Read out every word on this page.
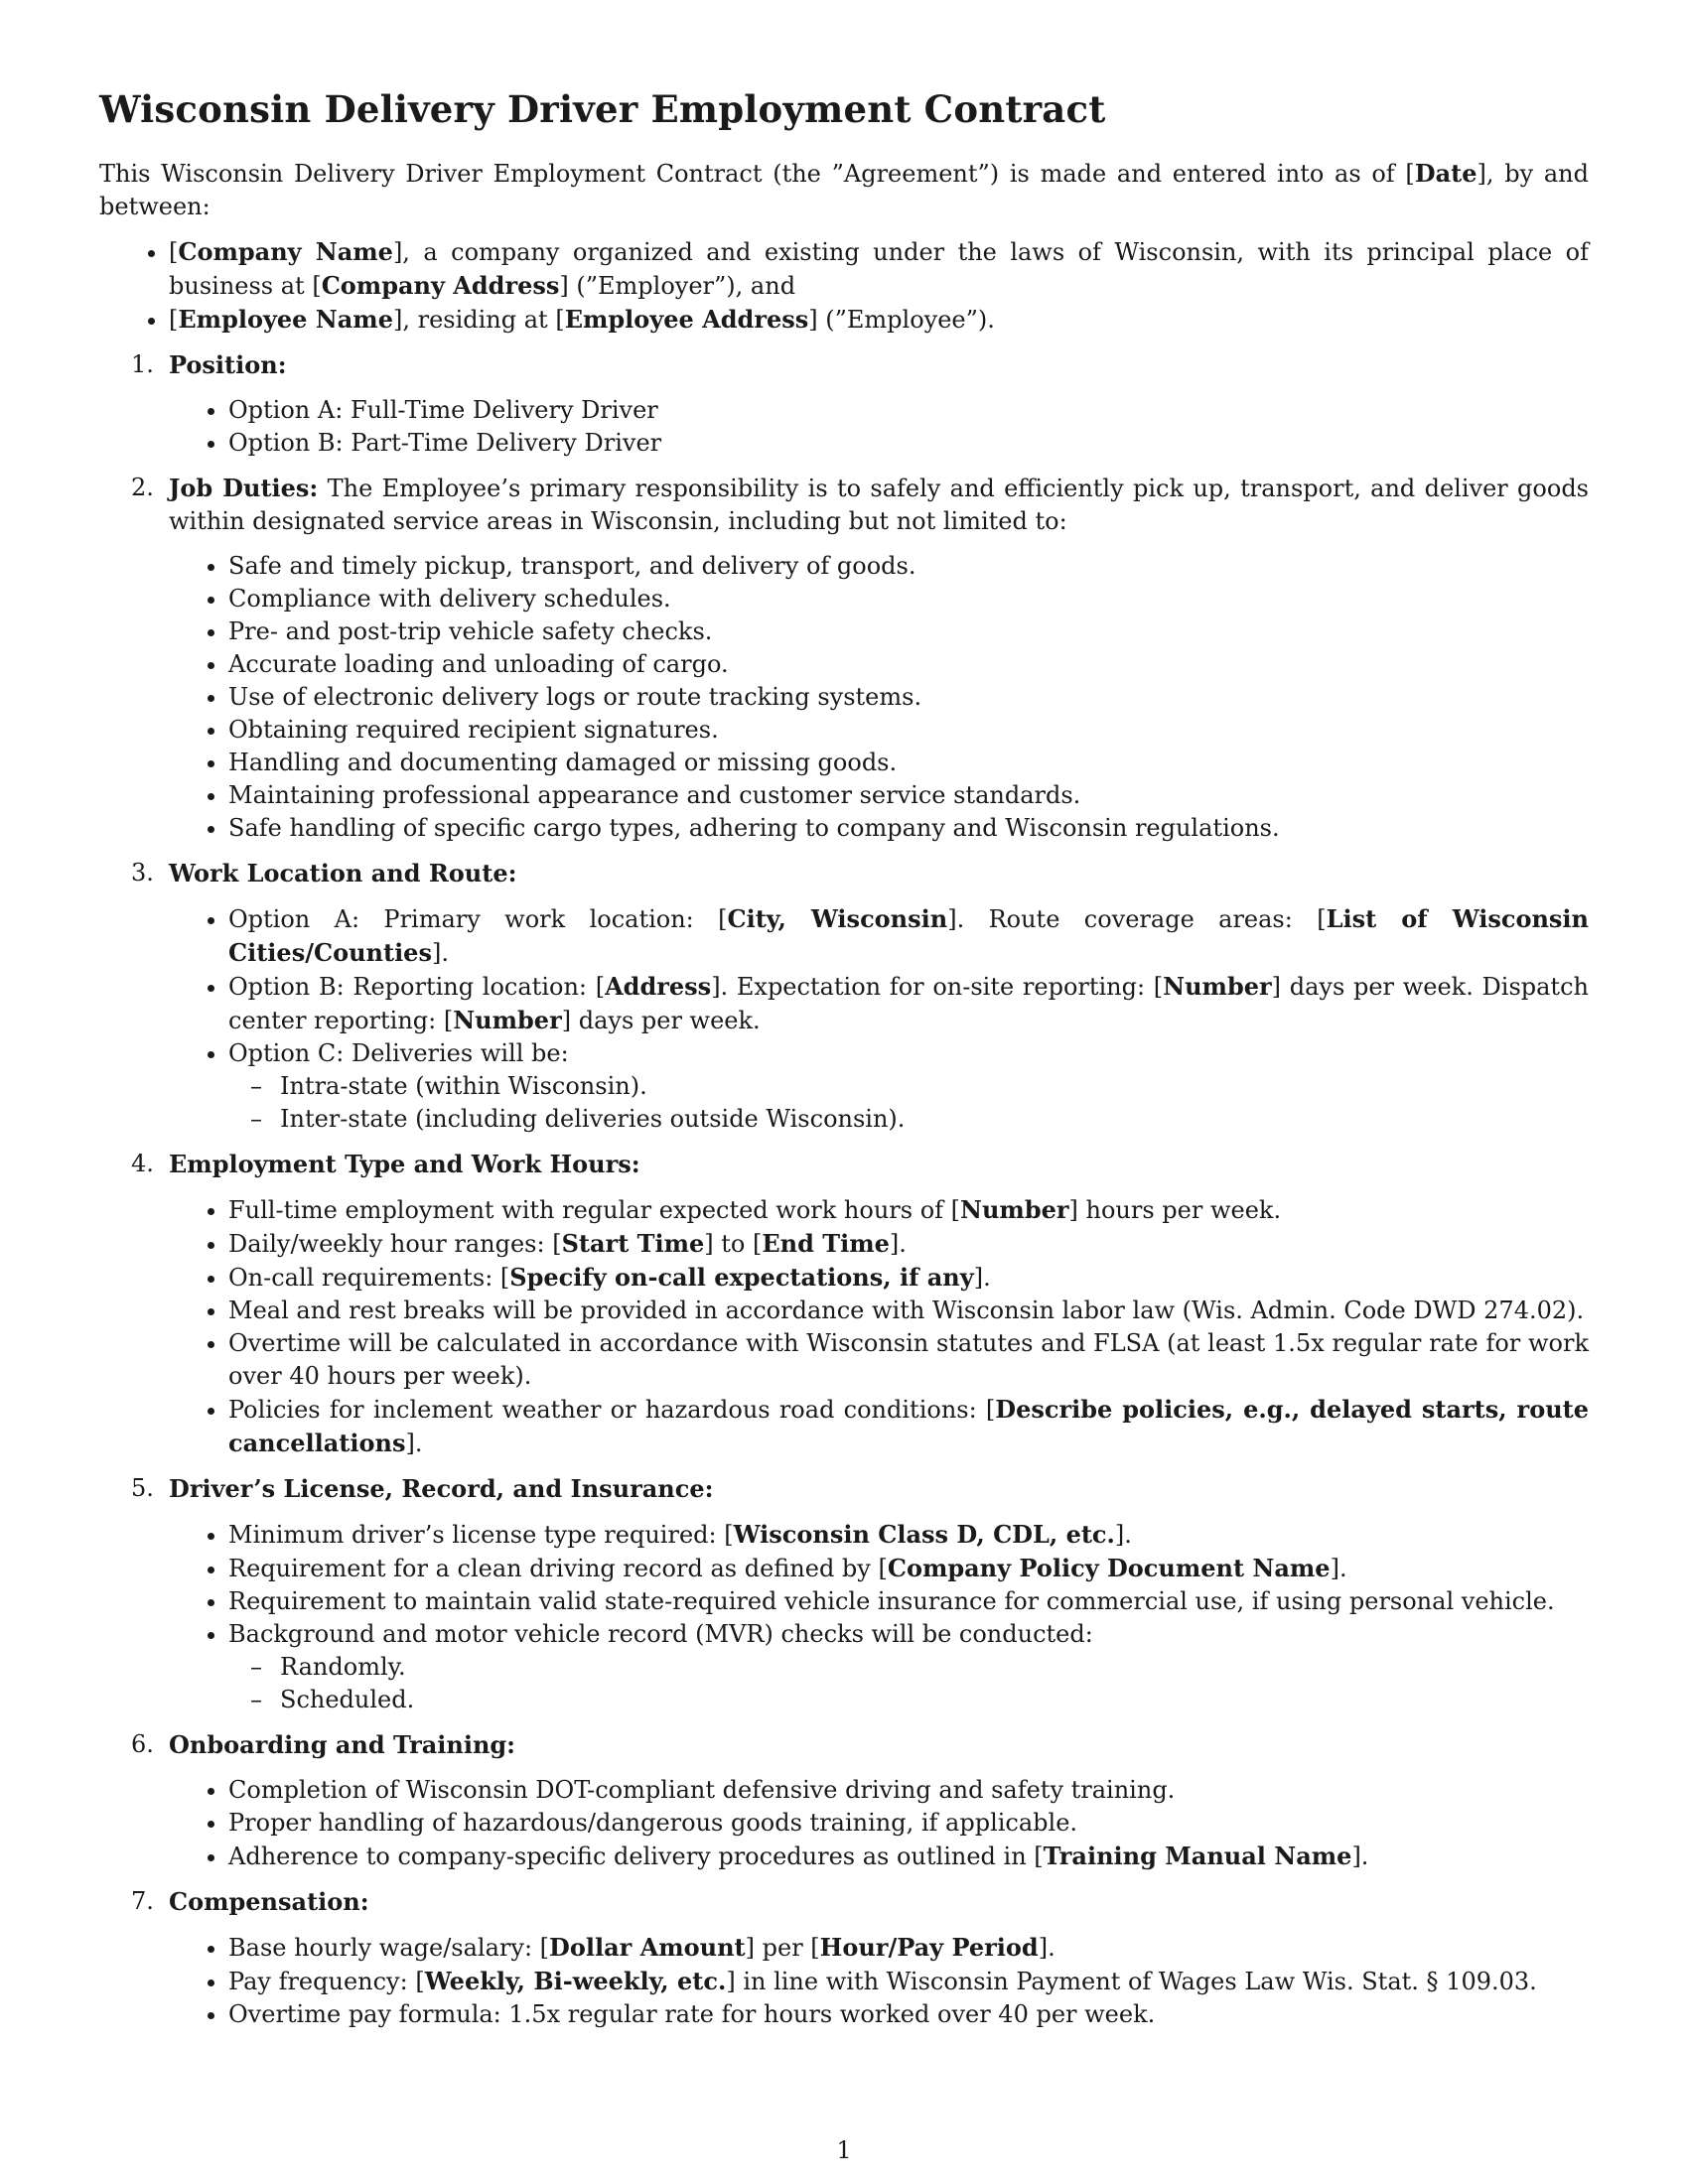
Wisconsin Delivery Driver Employment Contract

This Wisconsin Delivery Driver Employment Contract (the ”Agreement”) is made and entered into as of [Date], by and between:

• [Company Name], a company organized and existing under the laws of Wisconsin, with its principal place of business at [Company Address] (”Employer”), and
• [Employee Name], residing at [Employee Address] (”Employee”).
1. Position:
• Option A: Full-Time Delivery Driver
• Option B: Part-Time Delivery Driver
2. Job Duties: The Employee’s primary responsibility is to safely and efficiently pick up, transport, and deliver goods within designated service areas in Wisconsin, including but not limited to:
• Safe and timely pickup, transport, and delivery of goods.
• Compliance with delivery schedules.
• Pre- and post-trip vehicle safety checks.
• Accurate loading and unloading of cargo.
• Use of electronic delivery logs or route tracking systems.
• Obtaining required recipient signatures.
• Handling and documenting damaged or missing goods.
• Maintaining professional appearance and customer service standards.
• Safe handling of specific cargo types, adhering to company and Wisconsin regulations.
3. Work Location and Route:
• Option A: Primary work location: [City, Wisconsin]. Route coverage areas: [List of Wisconsin Cities/Counties].
• Option B: Reporting location: [Address]. Expectation for on-site reporting: [Number] days per week. Dispatch center reporting: [Number] days per week.
• Option C: Deliveries will be:
– Intra-state (within Wisconsin).
– Inter-state (including deliveries outside Wisconsin).
4. Employment Type and Work Hours:
• Full-time employment with regular expected work hours of [Number] hours per week.
• Daily/weekly hour ranges: [Start Time] to [End Time].
• On-call requirements: [Specify on-call expectations, if any].
• Meal and rest breaks will be provided in accordance with Wisconsin labor law (Wis. Admin. Code DWD 274.02).
• Overtime will be calculated in accordance with Wisconsin statutes and FLSA (at least 1.5x regular rate for work over 40 hours per week).
• Policies for inclement weather or hazardous road conditions: [Describe policies, e.g., delayed starts, route cancellations].
5. Driver’s License, Record, and Insurance:
• Minimum driver’s license type required: [Wisconsin Class D, CDL, etc.].
• Requirement for a clean driving record as defined by [Company Policy Document Name].
• Requirement to maintain valid state-required vehicle insurance for commercial use, if using personal vehicle.
• Background and motor vehicle record (MVR) checks will be conducted:
– Randomly.
– Scheduled.
6. Onboarding and Training:
• Completion of Wisconsin DOT-compliant defensive driving and safety training.
• Proper handling of hazardous/dangerous goods training, if applicable.
• Adherence to company-specific delivery procedures as outlined in [Training Manual Name].
7. Compensation:
• Base hourly wage/salary: [Dollar Amount] per [Hour/Pay Period].
• Pay frequency: [Weekly, Bi-weekly, etc.] in line with Wisconsin Payment of Wages Law Wis. Stat. § 109.03.
• Overtime pay formula: 1.5x regular rate for hours worked over 40 per week.
1
